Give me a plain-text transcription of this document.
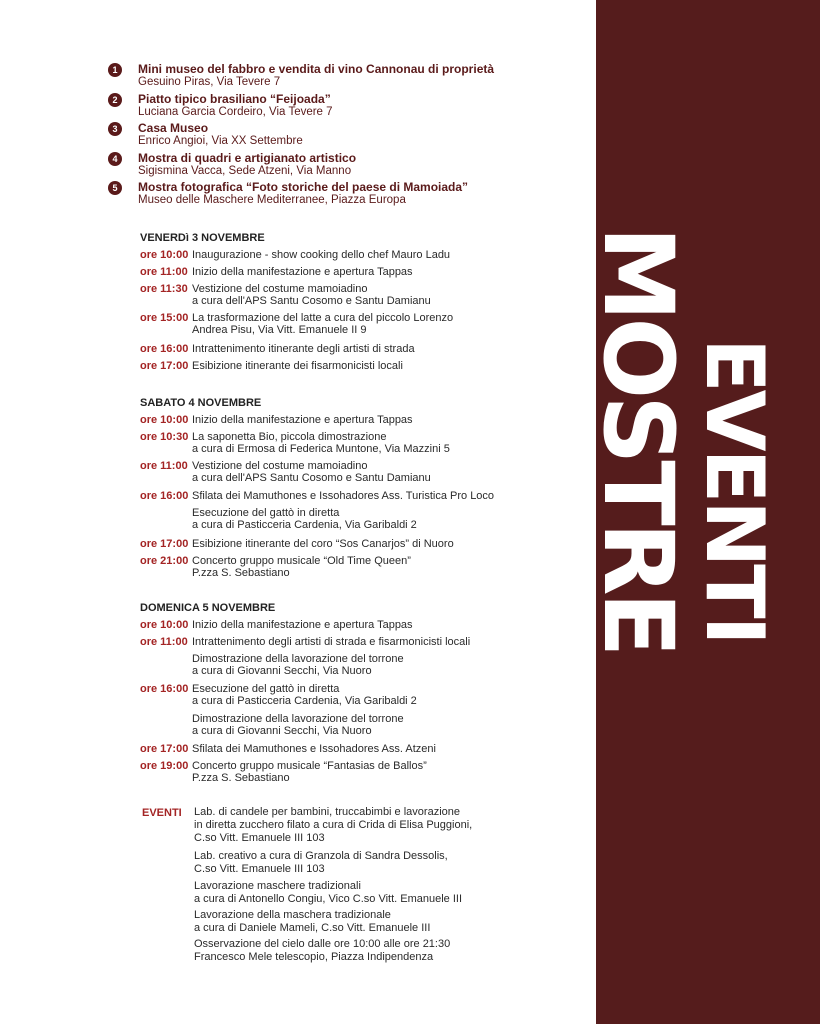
MOSTRE
EVENTI
1	Mini museo del fabbro e vendita di vino Cannonau di proprietà
Gesuino Piras, Via Tevere 7
2	Piatto tipico brasiliano “Feijoada”
Luciana Garcia Cordeiro, Via Tevere 7
3	Casa Museo
Enrico Angioi, Via XX Settembre
4	Mostra di quadri e artigianato artistico
Sigismina Vacca, Sede Atzeni, Via Manno
5	Mostra fotografica “Foto storiche del paese di Mamoiada”
Museo delle Maschere Mediterranee, Piazza Europa
VENERDì 3 NOVEMBRE
ore 10:00 Inaugurazione - show cooking dello chef Mauro Ladu
ore 11:00 Inizio della manifestazione e apertura Tappas
ore 11:30 Vestizione del costume mamoiadino
a cura dell'APS Santu Cosomo e Santu Damianu
ore 15:00 La trasformazione del latte a cura del piccolo Lorenzo
Andrea Pisu, Via Vitt. Emanuele II 9
ore 16:00 Intrattenimento itinerante degli artisti di strada
ore 17:00 Esibizione itinerante dei fisarmonicisti locali
SABATO 4 NOVEMBRE
ore 10:00 Inizio della manifestazione e apertura Tappas
ore 10:30 La saponetta Bio, piccola dimostrazione
a cura di Ermosa di Federica Muntone, Via Mazzini 5
ore 11:00 Vestizione del costume mamoiadino
a cura dell'APS Santu Cosomo e Santu Damianu
ore 16:00 Sfilata dei Mamuthones e Issohadores Ass. Turistica Pro Loco
Esecuzione del gattò in diretta
a cura di Pasticceria Cardenia, Via Garibaldi 2
ore 17:00 Esibizione itinerante del coro “Sos Canarjos” di Nuoro
ore 21:00 Concerto gruppo musicale “Old Time Queen”
P.zza S. Sebastiano
DOMENICA 5 NOVEMBRE
ore 10:00 Inizio della manifestazione e apertura Tappas
ore 11:00 Intrattenimento degli artisti di strada e fisarmonicisti locali
Dimostrazione della lavorazione del torrone
a cura di Giovanni Secchi, Via Nuoro
ore 16:00 Esecuzione del gattò in diretta
a cura di Pasticceria Cardenia, Via Garibaldi 2
Dimostrazione della lavorazione del torrone
a cura di Giovanni Secchi, Via Nuoro
ore 17:00 Sfilata dei Mamuthones e Issohadores Ass. Atzeni
ore 19:00 Concerto gruppo musicale “Fantasias de Ballos”
P.zza S. Sebastiano
EVENTI Lab. di candele per bambini, truccabimbi e lavorazione
in diretta zucchero filato a cura di Crida di Elisa Puggioni,
C.so Vitt. Emanuele III 103
Lab. creativo a cura di Granzola di Sandra Dessolis,
C.so Vitt. Emanuele III 103
Lavorazione maschere tradizionali
a cura di Antonello Congiu, Vico C.so Vitt. Emanuele III
Lavorazione della maschera tradizionale
a cura di Daniele Mameli, C.so Vitt. Emanuele III
Osservazione del cielo dalle ore 10:00 alle ore 21:30
Francesco Mele telescopio, Piazza Indipendenza
